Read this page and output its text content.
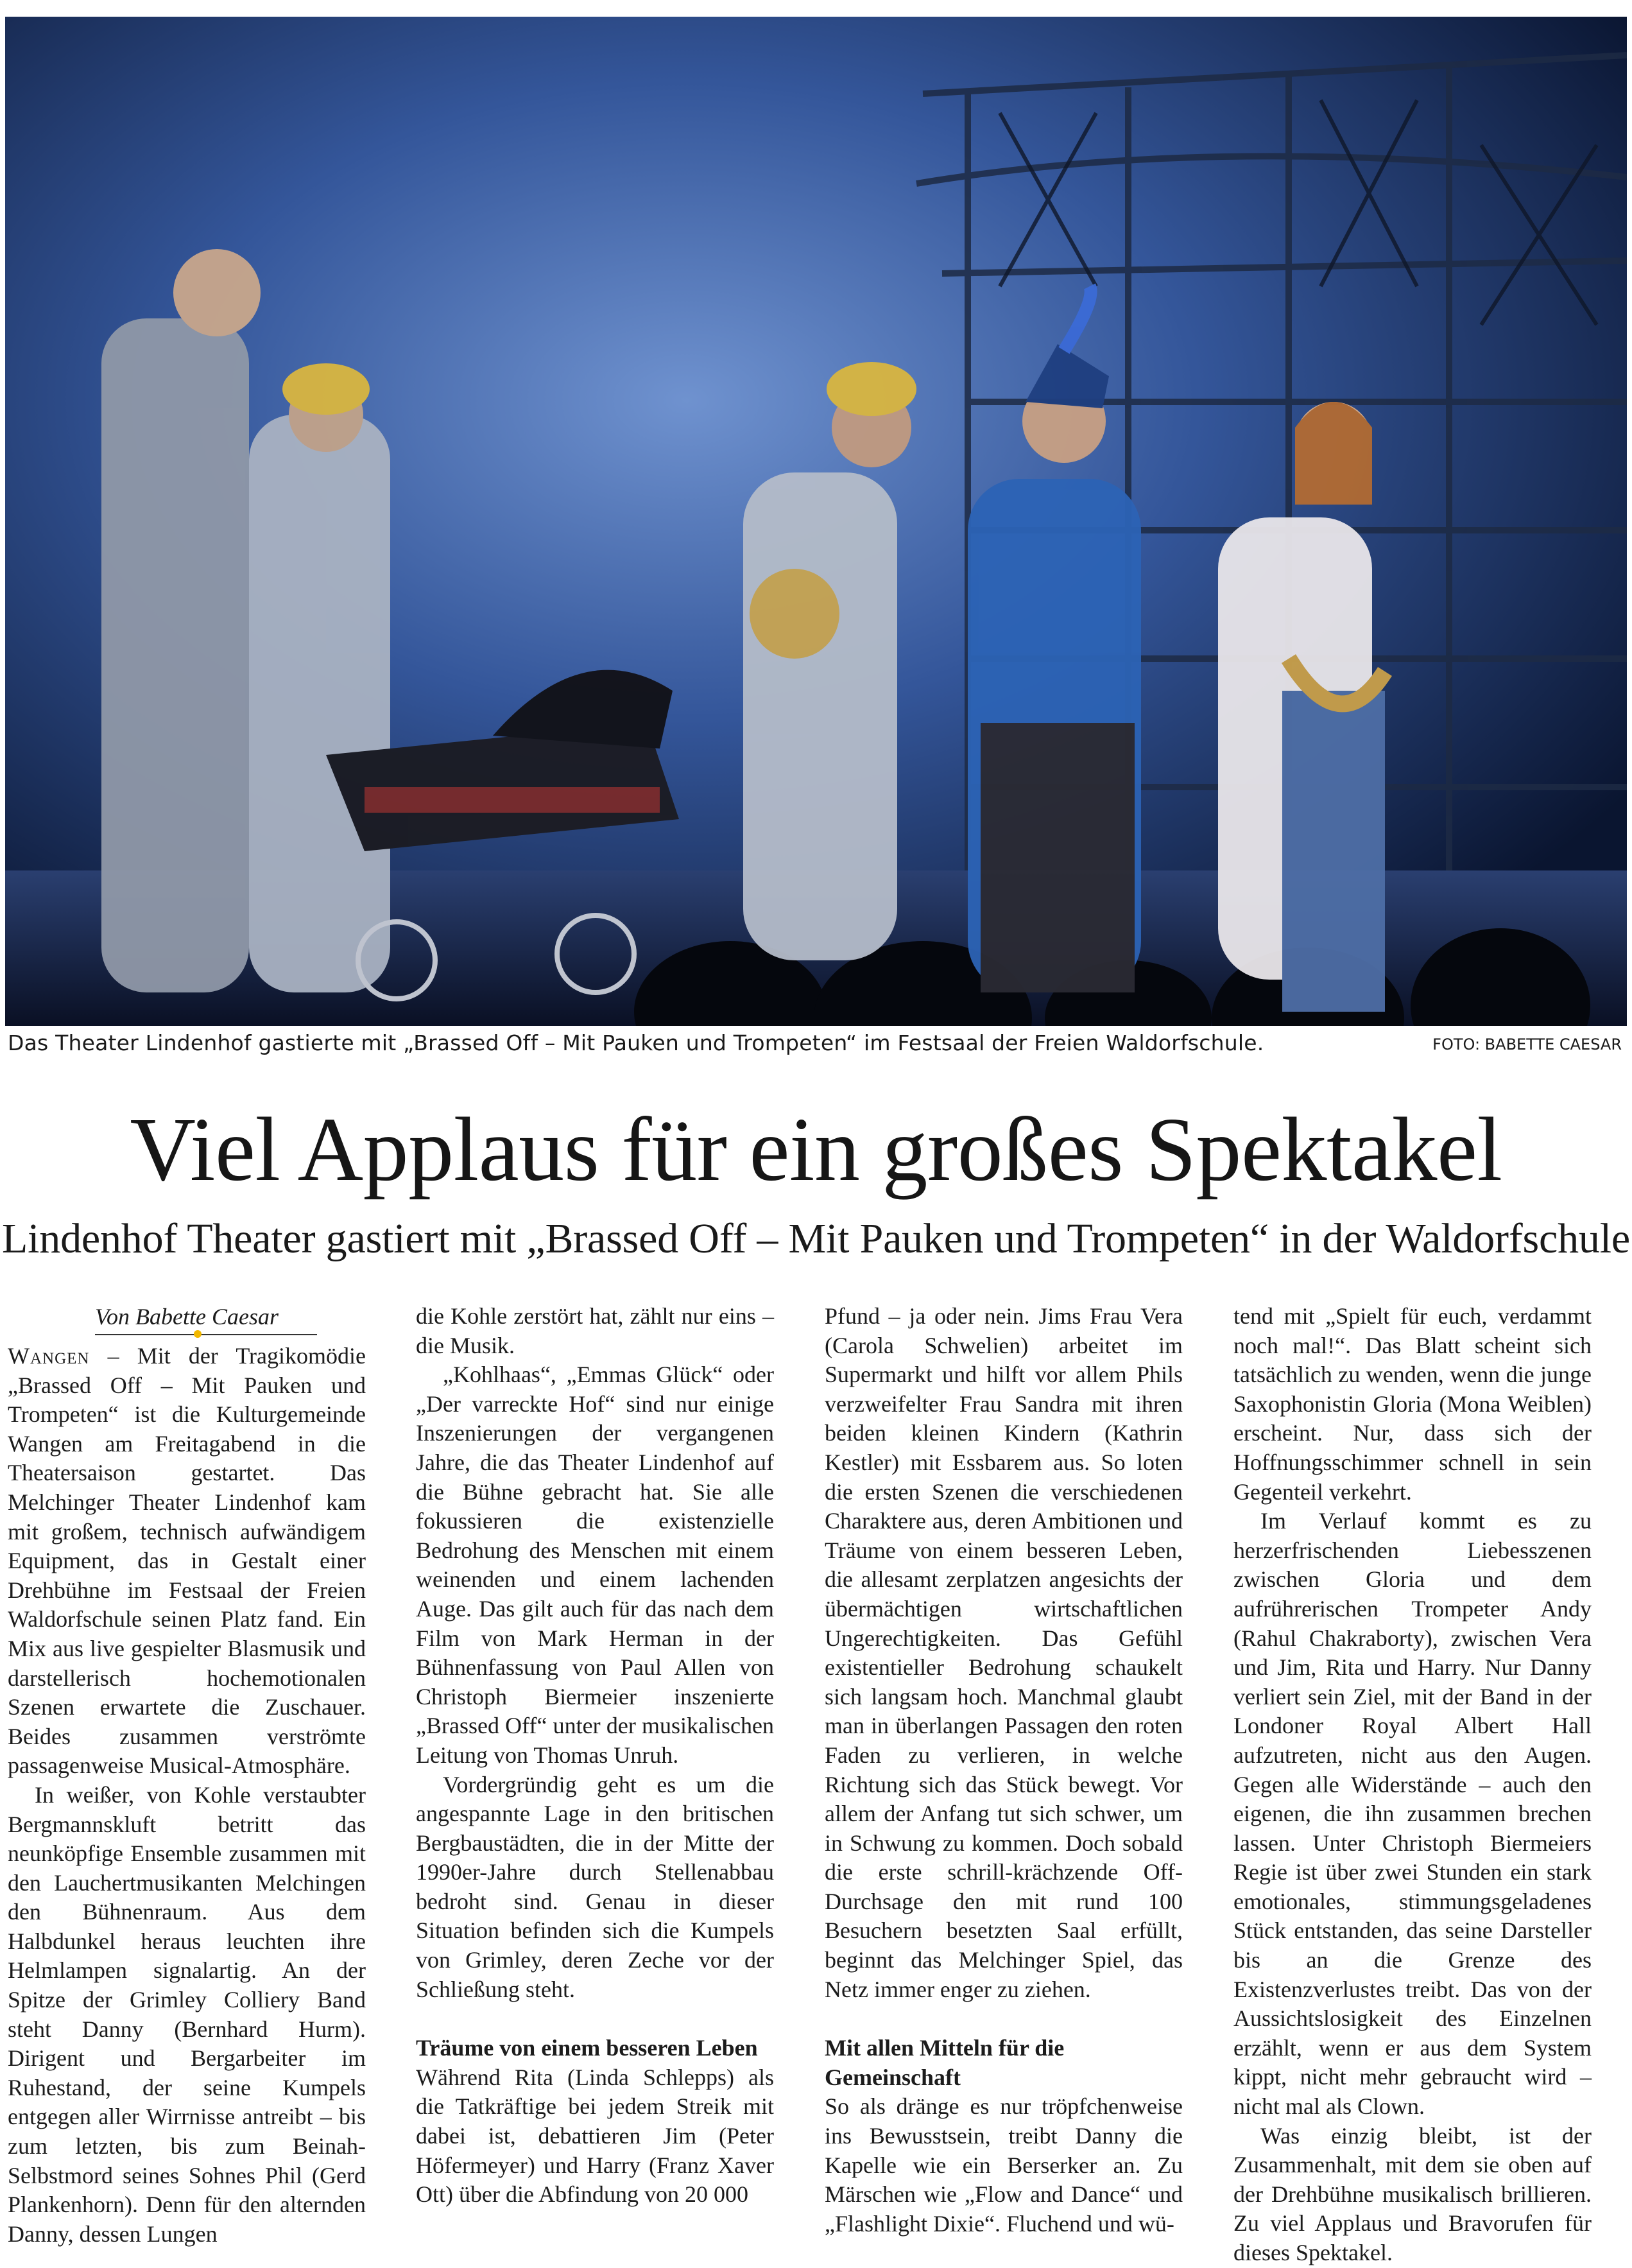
Das Theater Lindenhof gastierte mit „Brassed Off – Mit Pauken und Trompeten“ im Festsaal der Freien Waldorfschule.	FOTO: BABETTE CAESAR
Viel Applaus für ein großes Spektakel
Lindenhof Theater gastiert mit „Brassed Off – Mit Pauken und Trompeten“ in der Waldorfschule
Von Babette Caesar

Wangen – Mit der Tragikomödie „Brassed Off – Mit Pauken und Trompeten“ ist die Kulturgemeinde Wangen am Freitagabend in die Theatersaison gestartet. Das Melchinger Theater Lindenhof kam mit großem, technisch aufwändigem Equipment, das in Gestalt einer Drehbühne im Festsaal der Freien Waldorfschule seinen Platz fand. Ein Mix aus live gespielter Blasmusik und darstellerisch hochemotionalen Szenen erwartete die Zuschauer. Beides zusammen verströmte passagenweise Musical-Atmosphäre.

In weißer, von Kohle verstaubter Bergmannskluft betritt das neunköpfige Ensemble zusammen mit den Lauchertmusikanten Melchingen den Bühnenraum. Aus dem Halbdunkel heraus leuchten ihre Helmlampen signalartig. An der Spitze der Grimley Colliery Band steht Danny (Bernhard Hurm). Dirigent und Bergarbeiter im Ruhestand, der seine Kumpels entgegen aller Wirrnisse antreibt – bis zum letzten, bis zum Beinah-Selbstmord seines Sohnes Phil (Gerd Plankenhorn). Denn für den alternden Danny, dessen Lungen

die Kohle zerstört hat, zählt nur eins – die Musik.

„Kohlhaas“, „Emmas Glück“ oder „Der varreckte Hof“ sind nur einige Inszenierungen der vergangenen Jahre, die das Theater Lindenhof auf die Bühne gebracht hat. Sie alle fokussieren die existenzielle Bedrohung des Menschen mit einem weinenden und einem lachenden Auge. Das gilt auch für das nach dem Film von Mark Herman in der Bühnenfassung von Paul Allen von Christoph Biermeier inszenierte „Brassed Off“ unter der musikalischen Leitung von Thomas Unruh.

Vordergründig geht es um die angespannte Lage in den britischen Bergbaustädten, die in der Mitte der 1990er-Jahre durch Stellenabbau bedroht sind. Genau in dieser Situation befinden sich die Kumpels von Grimley, deren Zeche vor der Schließung steht.

Träume von einem besseren Leben

Während Rita (Linda Schlepps) als die Tatkräftige bei jedem Streik mit dabei ist, debattieren Jim (Peter Höfermeyer) und Harry (Franz Xaver Ott) über die Abfindung von 20 000

Pfund – ja oder nein. Jims Frau Vera (Carola Schwelien) arbeitet im Supermarkt und hilft vor allem Phils verzweifelter Frau Sandra mit ihren beiden kleinen Kindern (Kathrin Kestler) mit Essbarem aus. So loten die ersten Szenen die verschiedenen Charaktere aus, deren Ambitionen und Träume von einem besseren Leben, die allesamt zerplatzen angesichts der übermächtigen wirtschaftlichen Ungerechtigkeiten. Das Gefühl existentieller Bedrohung schaukelt sich langsam hoch. Manchmal glaubt man in überlangen Passagen den roten Faden zu verlieren, in welche Richtung sich das Stück bewegt. Vor allem der Anfang tut sich schwer, um in Schwung zu kommen. Doch sobald die erste schrill-krächzende Off-Durchsage den mit rund 100 Besuchern besetzten Saal erfüllt, beginnt das Melchinger Spiel, das Netz immer enger zu ziehen.

Mit allen Mitteln für die Gemeinschaft

So als dränge es nur tröpfchenweise ins Bewusstsein, treibt Danny die Kapelle wie ein Berserker an. Zu Märschen wie „Flow and Dance“ und „Flashlight Dixie“. Fluchend und wü-

tend mit „Spielt für euch, verdammt noch mal!“. Das Blatt scheint sich tatsächlich zu wenden, wenn die junge Saxophonistin Gloria (Mona Weiblen) erscheint. Nur, dass sich der Hoffnungsschimmer schnell in sein Gegenteil verkehrt.

Im Verlauf kommt es zu herzerfrischenden Liebesszenen zwischen Gloria und dem aufrührerischen Trompeter Andy (Rahul Chakraborty), zwischen Vera und Jim, Rita und Harry. Nur Danny verliert sein Ziel, mit der Band in der Londoner Royal Albert Hall aufzutreten, nicht aus den Augen. Gegen alle Widerstände – auch den eigenen, die ihn zusammen brechen lassen. Unter Christoph Biermeiers Regie ist über zwei Stunden ein stark emotionales, stimmungsgeladenes Stück entstanden, das seine Darsteller bis an die Grenze des Existenzverlustes treibt. Das von der Aussichtslosigkeit des Einzelnen erzählt, wenn er aus dem System kippt, nicht mehr gebraucht wird – nicht mal als Clown.

Was einzig bleibt, ist der Zusammenhalt, mit dem sie oben auf der Drehbühne musikalisch brillieren. Zu viel Applaus und Bravorufen für dieses Spektakel.
